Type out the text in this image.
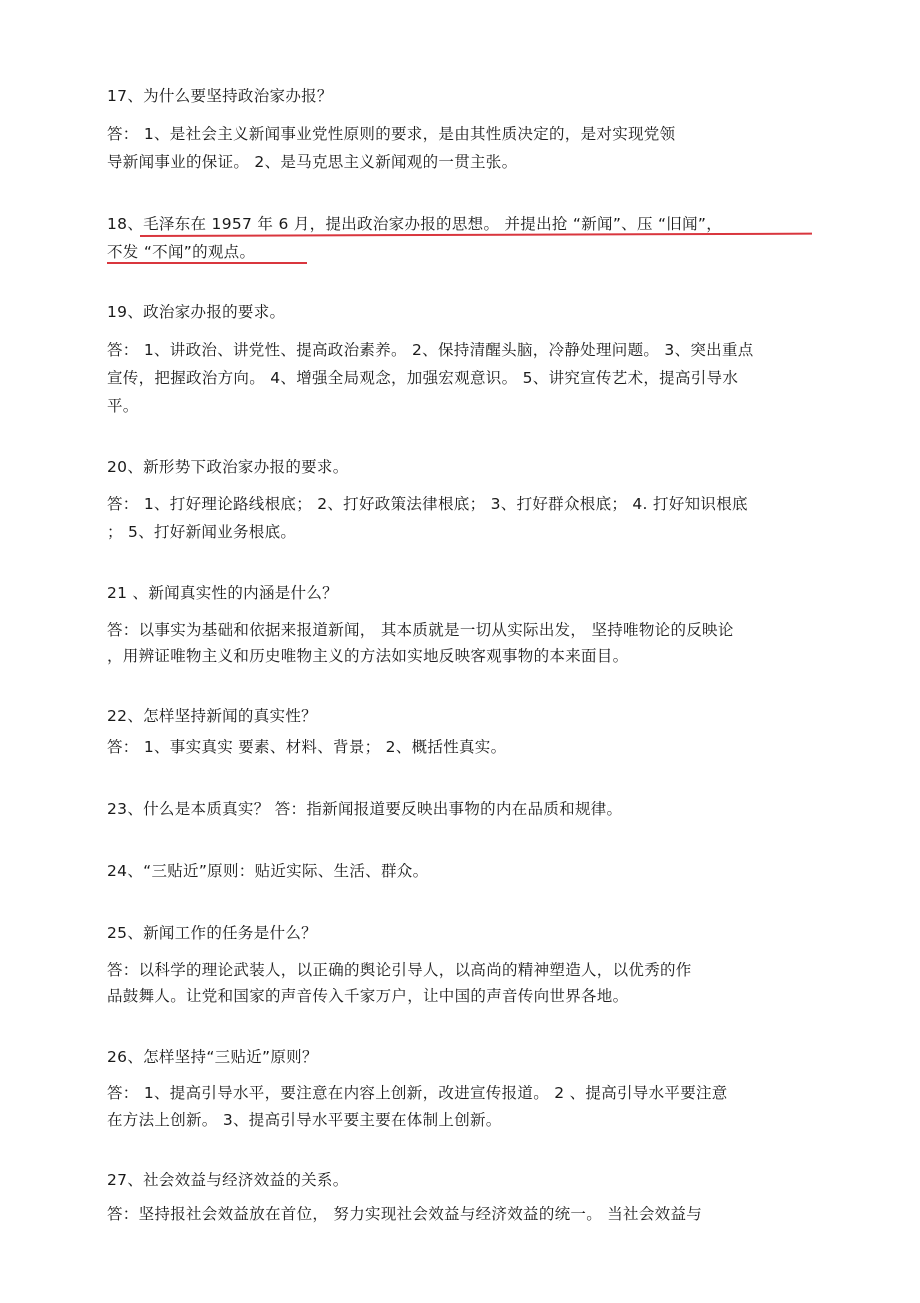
17、为什么要坚持政治家办报？
答： 1、是社会主义新闻事业党性原则的要求，是由其性质决定的，是对实现党领
导新闻事业的保证。 2、是马克思主义新闻观的一贯主张。
18、毛泽东在 1957 年 6 月，提出政治家办报的思想。 并提出抢 “新闻”、压 “旧闻”，
不发 “不闻”的观点。
19、政治家办报的要求。
答： 1、讲政治、讲党性、提高政治素养。 2、保持清醒头脑，冷静处理问题。 3、突出重点
宣传，把握政治方向。 4、增强全局观念，加强宏观意识。 5、讲究宣传艺术，提高引导水
平。
20、新形势下政治家办报的要求。
答： 1、打好理论路线根底； 2、打好政策法律根底； 3、打好群众根底； 4. 打好知识根底
； 5、打好新闻业务根底。
21 、新闻真实性的内涵是什么？
答：以事实为基础和依据来报道新闻， 其本质就是一切从实际出发， 坚持唯物论的反映论
，用辨证唯物主义和历史唯物主义的方法如实地反映客观事物的本来面目。
22、怎样坚持新闻的真实性？
答： 1、事实真实 要素、材料、背景； 2、概括性真实。
23、什么是本质真实？ 答：指新闻报道要反映出事物的内在品质和规律。
24、“三贴近”原则：贴近实际、生活、群众。
25、新闻工作的任务是什么？
答：以科学的理论武装人，以正确的舆论引导人，以高尚的精神塑造人，以优秀的作
品鼓舞人。让党和国家的声音传入千家万户，让中国的声音传向世界各地。
26、怎样坚持“三贴近”原则？
答： 1、提高引导水平，要注意在内容上创新，改进宣传报道。 2 、提高引导水平要注意
在方法上创新。 3、提高引导水平要主要在体制上创新。
27、社会效益与经济效益的关系。
答：坚持报社会效益放在首位， 努力实现社会效益与经济效益的统一。 当社会效益与
